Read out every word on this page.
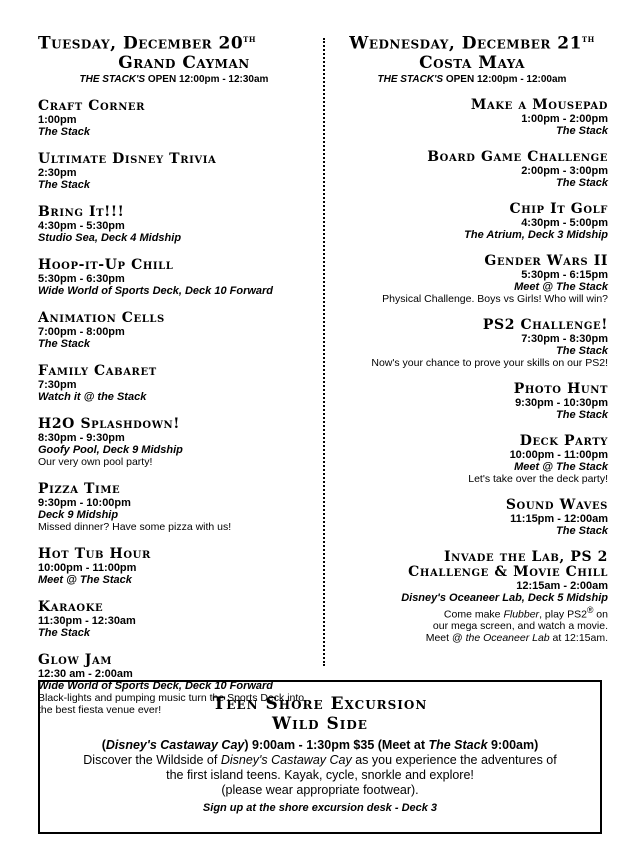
Tuesday, December 20th
Grand Cayman
THE STACK'S OPEN 12:00pm - 12:30am
Craft Corner
1:00pm
The Stack
Ultimate Disney Trivia
2:30pm
The Stack
Bring It!!!
4:30pm - 5:30pm
Studio Sea, Deck 4 Midship
Hoop-it-Up Chill
5:30pm - 6:30pm
Wide World of Sports Deck, Deck 10 Forward
Animation Cells
7:00pm - 8:00pm
The Stack
Family Cabaret
7:30pm
Watch it @ the Stack
H2O Splashdown!
8:30pm - 9:30pm
Goofy Pool, Deck 9 Midship
Our very own pool party!
Pizza Time
9:30pm - 10:00pm
Deck 9 Midship
Missed dinner? Have some pizza with us!
Hot Tub Hour
10:00pm - 11:00pm
Meet @ The Stack
Karaoke
11:30pm - 12:30am
The Stack
Glow Jam
12:30 am - 2:00am
Wide World of Sports Deck, Deck 10 Forward
Black-lights and pumping music turn the Sports Deck into the best fiesta venue ever!
Wednesday, December 21th
Costa Maya
THE STACK'S OPEN 12:00pm - 12:00am
Make a Mousepad
1:00pm - 2:00pm
The Stack
Board Game Challenge
2:00pm - 3:00pm
The Stack
Chip It Golf
4:30pm - 5:00pm
The Atrium, Deck 3 Midship
Gender Wars II
5:30pm - 6:15pm
Meet @ The Stack
Physical Challenge. Boys vs Girls! Who will win?
PS2 Challenge!
7:30pm - 8:30pm
The Stack
Now's your chance to prove your skills on our PS2!
Photo Hunt
9:30pm - 10:30pm
The Stack
Deck Party
10:00pm - 11:00pm
Meet @ The Stack
Let's take over the deck party!
Sound Waves
11:15pm - 12:00am
The Stack
Invade the Lab, PS 2
Challenge & Movie Chill
12:15am - 2:00am
Disney's Oceaneer Lab, Deck 5 Midship
Come make Flubber, play PS2® on
our mega screen, and watch a movie.
Meet @ the Oceaneer Lab at 12:15am.
Teen Shore Excursion
Wild Side
(Disney's Castaway Cay) 9:00am - 1:30pm $35 (Meet at The Stack 9:00am)
Discover the Wildside of Disney's Castaway Cay as you experience the adventures of
the first island teens. Kayak, cycle, snorkle and explore!
(please wear appropriate footwear).
Sign up at the shore excursion desk - Deck 3
